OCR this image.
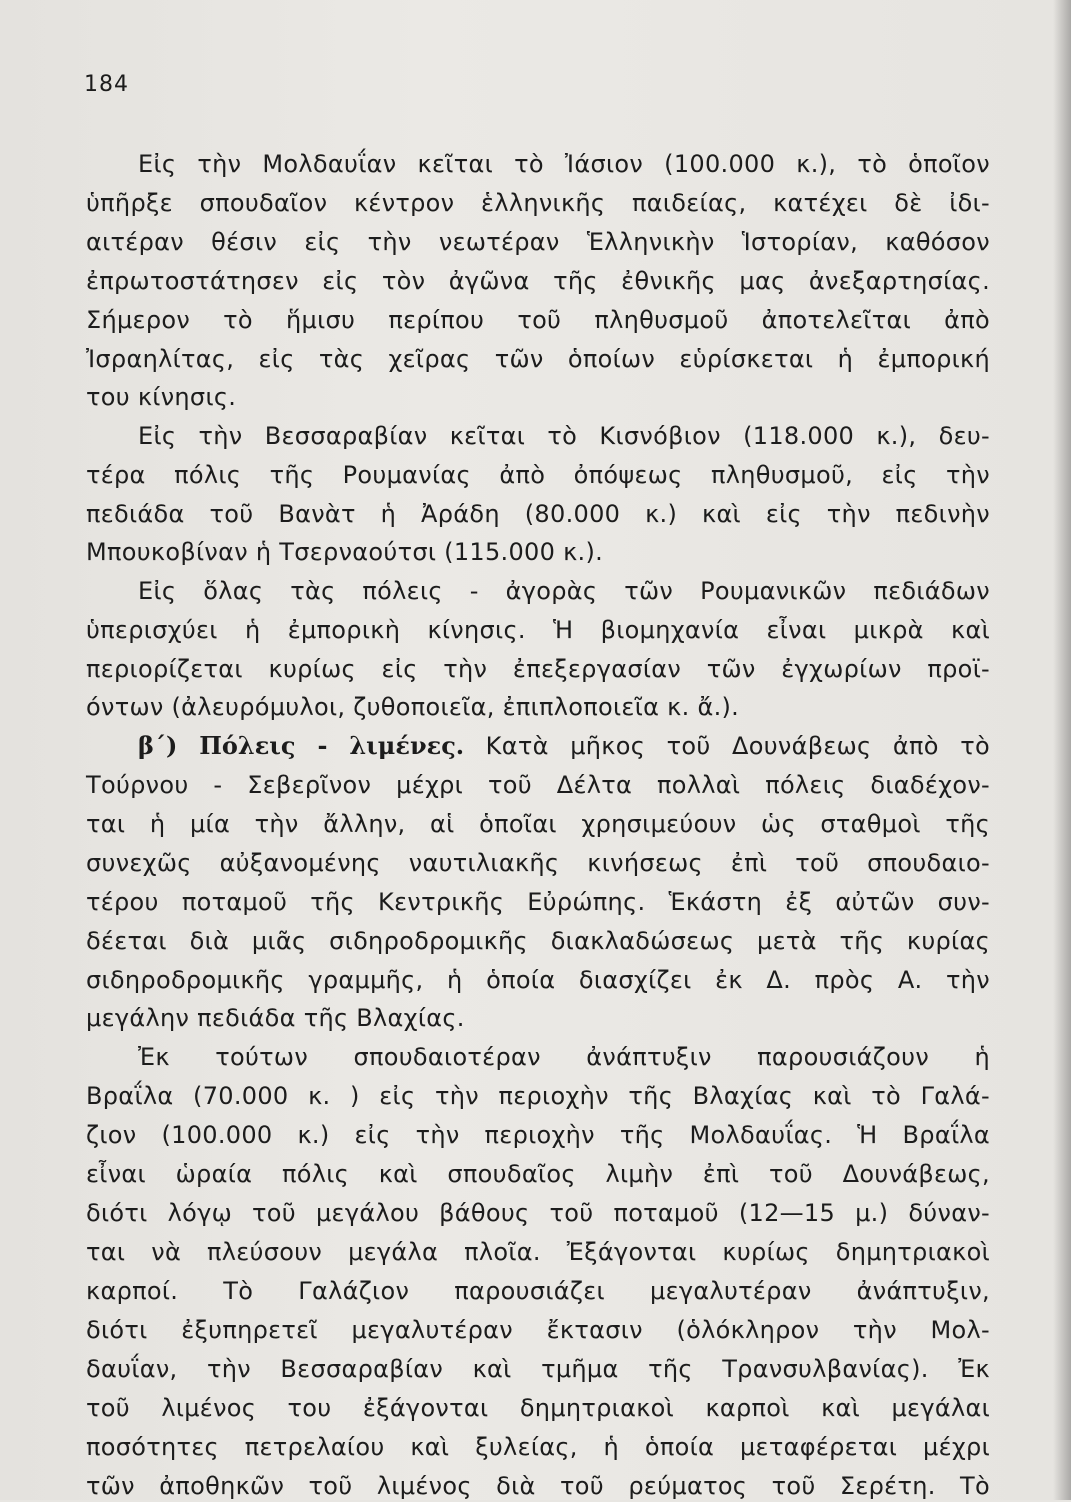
184
Εἰς τὴν Μολδαυΐαν κεῖται τὸ Ἰάσιον (100.000 κ.), τὸ ὁποῖον
ὑπῆρξε σπουδαῖον κέντρον ἑλληνικῆς παιδείας, κατέχει δὲ ἰδι-
αιτέραν θέσιν εἰς τὴν νεωτέραν Ἑλληνικὴν Ἱστορίαν, καθόσον
ἐπρωτοστάτησεν εἰς τὸν ἀγῶνα τῆς ἐθνικῆς μας ἀνεξαρτησίας.
Σήμερον τὸ ἥμισυ περίπου τοῦ πληθυσμοῦ ἀποτελεῖται ἀπὸ
Ἰσραηλίτας, εἰς τὰς χεῖρας τῶν ὁποίων εὑρίσκεται ἡ ἐμπορική
του κίνησις.
Εἰς τὴν Βεσσαραβίαν κεῖται τὸ Κισνόβιον (118.000 κ.), δευ-
τέρα πόλις τῆς Ρουμανίας ἀπὸ ὀπόψεως πληθυσμοῦ, εἰς τὴν
πεδιάδα τοῦ Βανὰτ ἡ Ἀράδη (80.000 κ.) καὶ εἰς τὴν πεδινὴν
Μπουκοβίναν ἡ Τσερναούτσι (115.000 κ.).
Εἰς ὅλας τὰς πόλεις - ἀγορὰς τῶν Ρουμανικῶν πεδιάδων
ὑπερισχύει ἡ ἐμπορικὴ κίνησις. Ἡ βιομηχανία εἶναι μικρὰ καὶ
περιορίζεται κυρίως εἰς τὴν ἐπεξεργασίαν τῶν ἐγχωρίων προϊ-
όντων (ἀλευρόμυλοι, ζυθοποιεῖα, ἐπιπλοποιεῖα κ. ἄ.).
β΄) Πόλεις - λιμένες. Κατὰ μῆκος τοῦ Δουνάβεως ἀπὸ τὸ
Τούρνου - Σεβερῖνον μέχρι τοῦ Δέλτα πολλαὶ πόλεις διαδέχον-
ται ἡ μία τὴν ἄλλην, αἱ ὁποῖαι χρησιμεύουν ὡς σταθμοὶ τῆς
συνεχῶς αὐξανομένης ναυτιλιακῆς κινήσεως ἐπὶ τοῦ σπουδαιο-
τέρου ποταμοῦ τῆς Κεντρικῆς Εὐρώπης. Ἑκάστη ἐξ αὐτῶν συν-
δέεται διὰ μιᾶς σιδηροδρομικῆς διακλαδώσεως μετὰ τῆς κυρίας
σιδηροδρομικῆς γραμμῆς, ἡ ὁποία διασχίζει ἐκ Δ. πρὸς Α. τὴν
μεγάλην πεδιάδα τῆς Βλαχίας.
Ἐκ τούτων σπουδαιοτέραν ἀνάπτυξιν παρουσιάζουν ἡ
Βραΐλα (70.000 κ. ) εἰς τὴν περιοχὴν τῆς Βλαχίας καὶ τὸ Γαλά-
ζιον (100.000 κ.) εἰς τὴν περιοχὴν τῆς Μολδαυΐας. Ἡ Βραΐλα
εἶναι ὡραία πόλις καὶ σπουδαῖος λιμὴν ἐπὶ τοῦ Δουνάβεως,
διότι λόγῳ τοῦ μεγάλου βάθους τοῦ ποταμοῦ (12—15 μ.) δύναν-
ται νὰ πλεύσουν μεγάλα πλοῖα. Ἐξάγονται κυρίως δημητριακοὶ
καρποί. Τὸ Γαλάζιον παρουσιάζει μεγαλυτέραν ἀνάπτυξιν,
διότι ἐξυπηρετεῖ μεγαλυτέραν ἔκτασιν (ὁλόκληρον τὴν Μολ-
δαυΐαν, τὴν Βεσσαραβίαν καὶ τμῆμα τῆς Τρανσυλβανίας). Ἐκ
τοῦ λιμένος του ἐξάγονται δημητριακοὶ καρποὶ καὶ μεγάλαι
ποσότητες πετρελαίου καὶ ξυλείας, ἡ ὁποία μεταφέρεται μέχρι
τῶν ἀποθηκῶν τοῦ λιμένος διὰ τοῦ ρεύματος τοῦ Σερέτη. Τὸ
